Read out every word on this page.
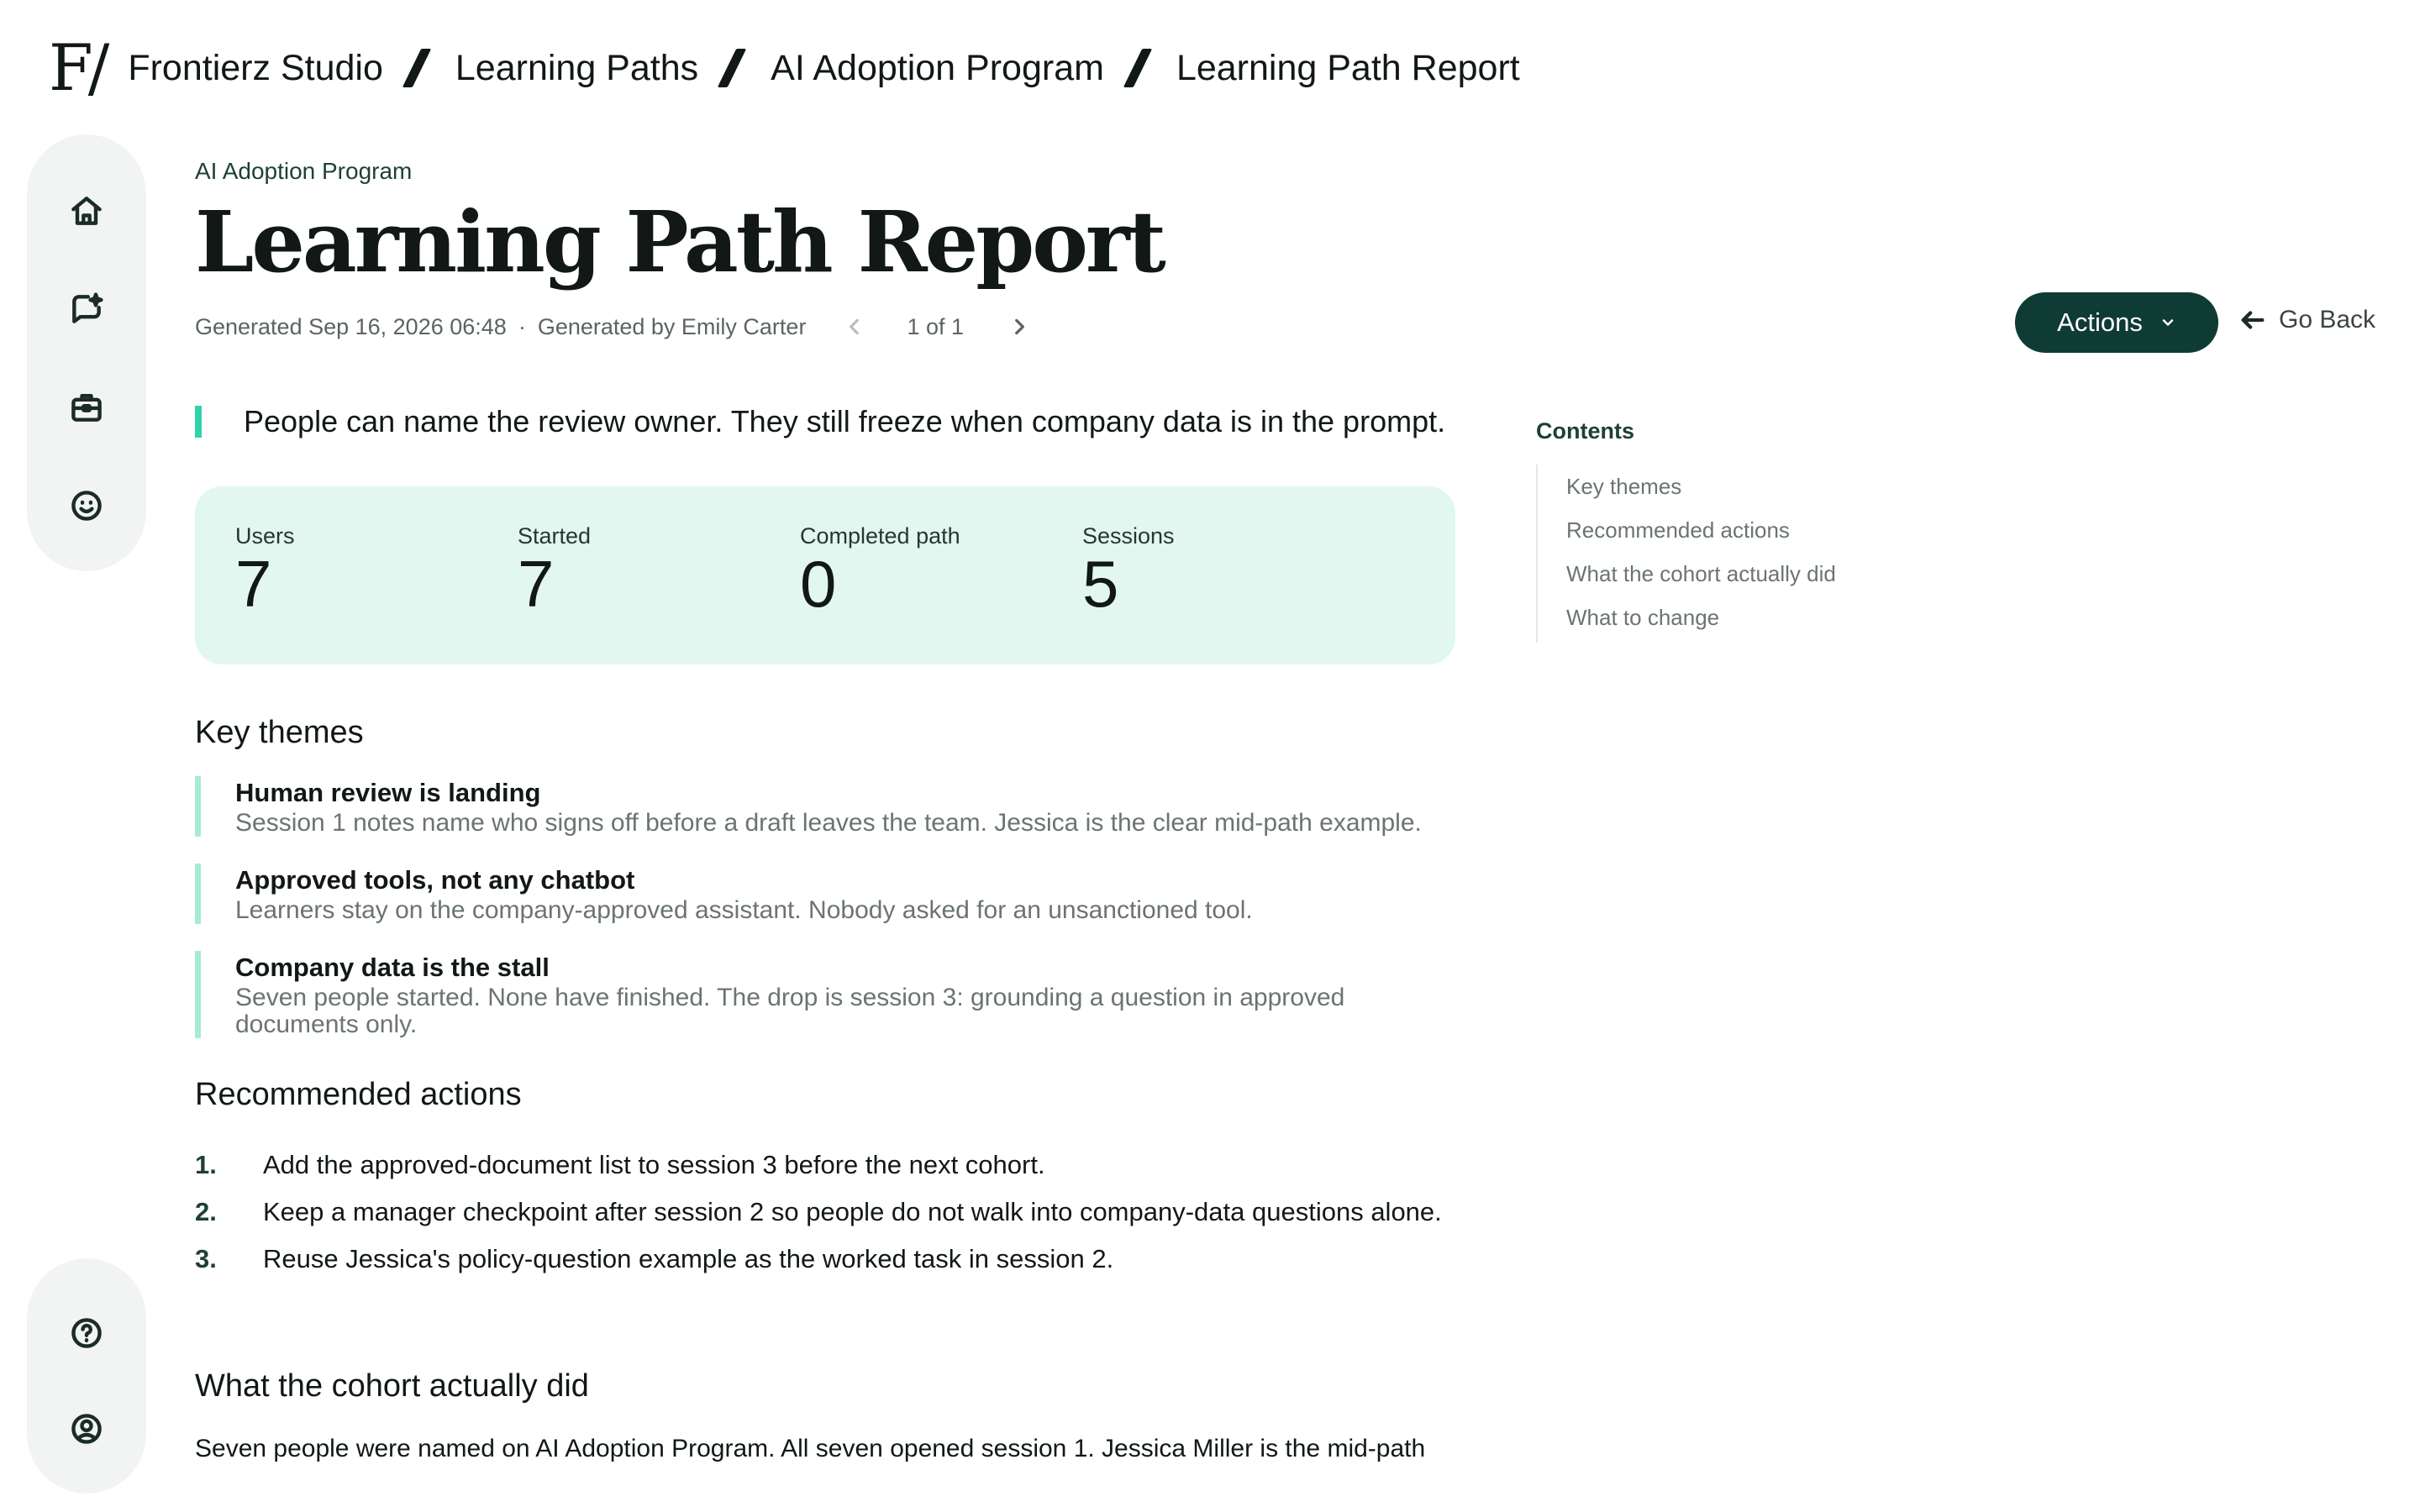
F/ Frontierz Studio Learning Paths AI Adoption Program Learning Path Report
AI Adoption Program
Learning Path Report
Generated Sep 16, 2026 06:48 · Generated by Emily Carter	1 of 1
People can name the review owner. They still freeze when company data is in the prompt.
Users
7
Started
7
Completed path
0
Sessions
5
Key themes
Human review is landing
Session 1 notes name who signs off before a draft leaves the team. Jessica is the clear mid-path example.
Approved tools, not any chatbot
Learners stay on the company-approved assistant. Nobody asked for an unsanctioned tool.
Company data is the stall
Seven people started. None have finished. The drop is session 3: grounding a question in approved documents only.
Recommended actions
1.	Add the approved-document list to session 3 before the next cohort.
2.	Keep a manager checkpoint after session 2 so people do not walk into company-data questions alone.
3.	Reuse Jessica's policy-question example as the worked task in session 2.
What the cohort actually did

Seven people were named on AI Adoption Program. All seven opened session 1. Jessica Miller is the mid-path

Contents
Key themes
Recommended actions
What the cohort actually did
What to change
Actions	Go Back
